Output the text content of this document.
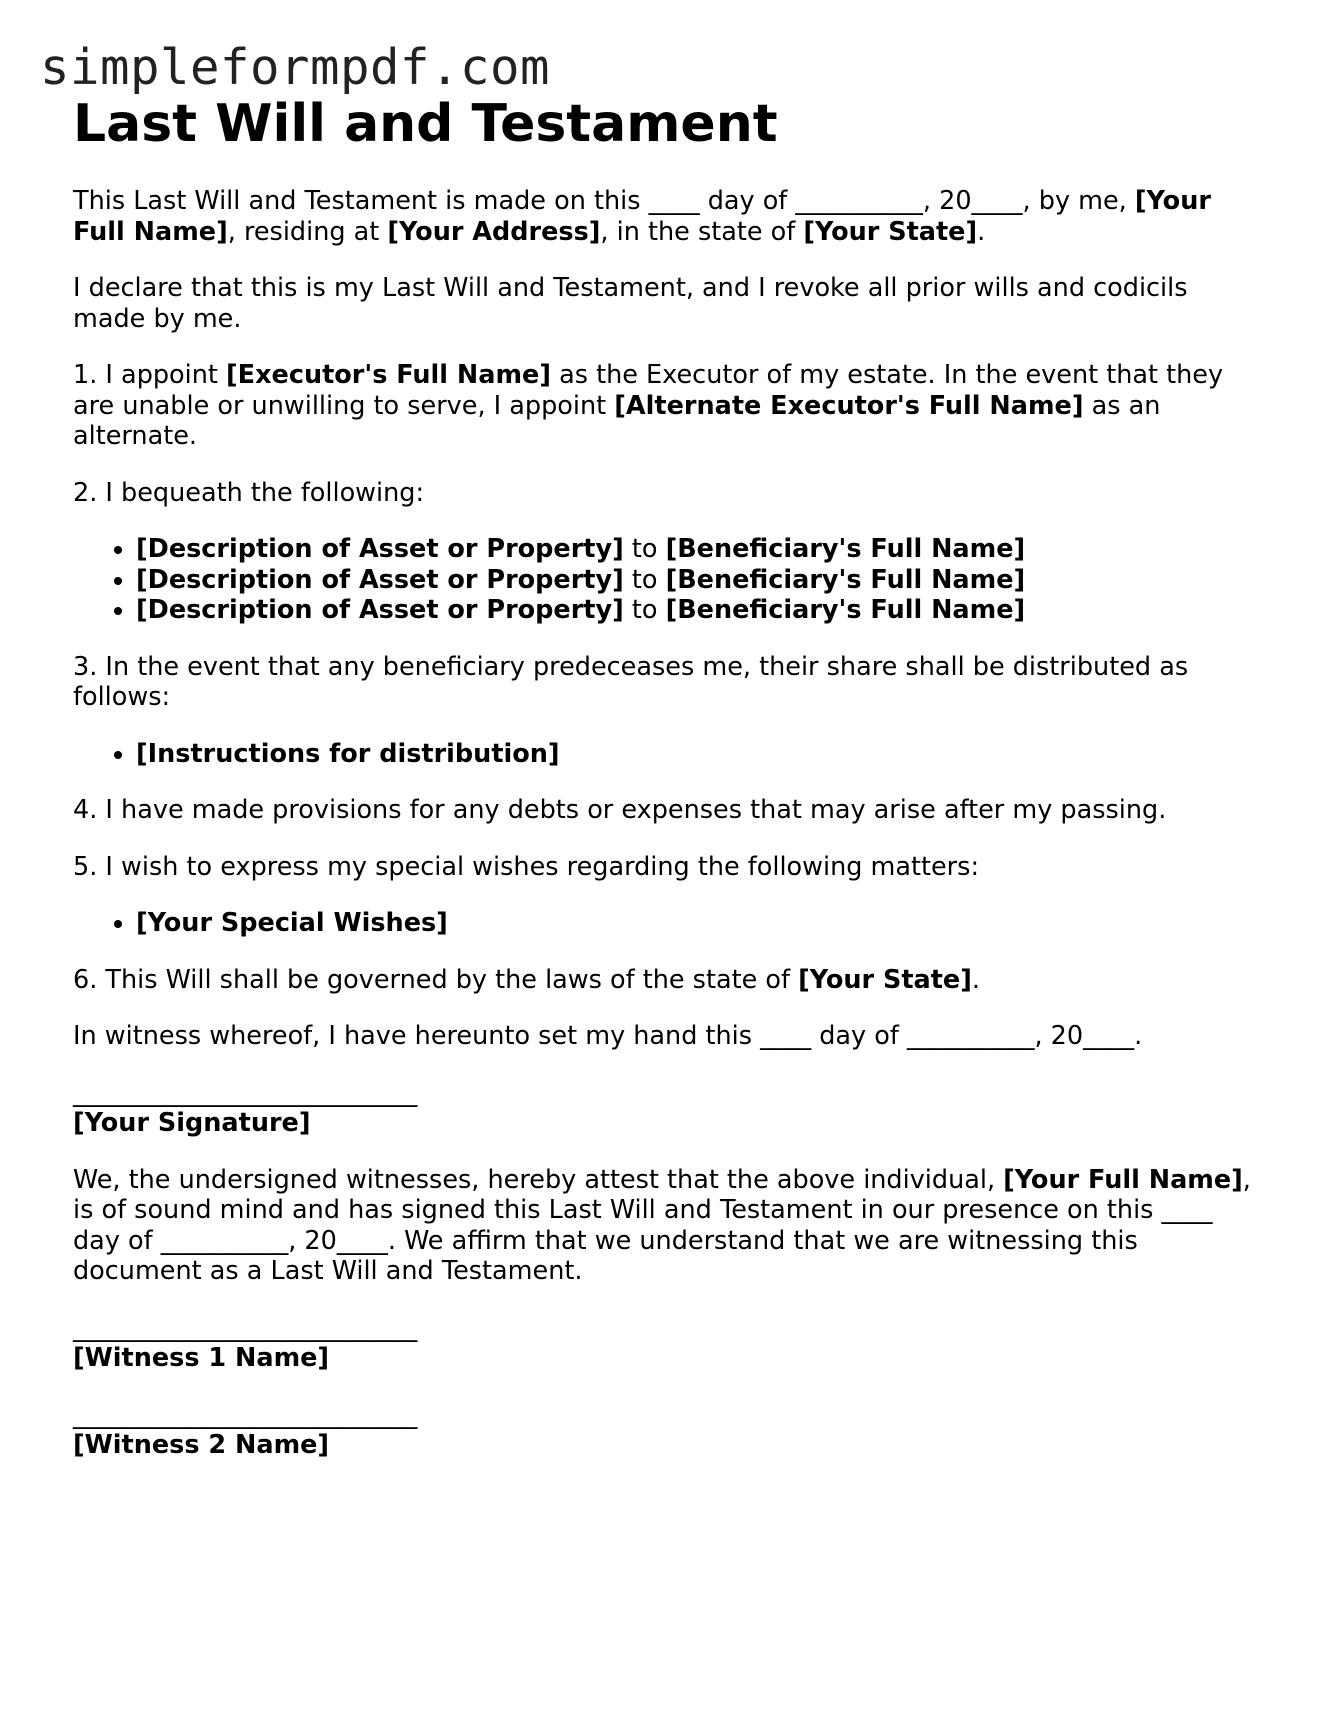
simpleformpdf.com
Last Will and Testament

This Last Will and Testament is made on this ____ day of __________, 20____, by me, [Your Full Name], residing at [Your Address], in the state of [Your State].

I declare that this is my Last Will and Testament, and I revoke all prior wills and codicils made by me.

1. I appoint [Executor's Full Name] as the Executor of my estate. In the event that they are unable or unwilling to serve, I appoint [Alternate Executor's Full Name] as an alternate.

2. I bequeath the following:

• [Description of Asset or Property] to [Beneficiary's Full Name]
• [Description of Asset or Property] to [Beneficiary's Full Name]
• [Description of Asset or Property] to [Beneficiary's Full Name]

3. In the event that any beneficiary predeceases me, their share shall be distributed as follows:

• [Instructions for distribution]

4. I have made provisions for any debts or expenses that may arise after my passing.

5. I wish to express my special wishes regarding the following matters:

• [Your Special Wishes]

6. This Will shall be governed by the laws of the state of [Your State].

In witness whereof, I have hereunto set my hand this ____ day of __________, 20____.

___________________________
[Your Signature]

We, the undersigned witnesses, hereby attest that the above individual, [Your Full Name], is of sound mind and has signed this Last Will and Testament in our presence on this ____ day of __________, 20____. We affirm that we understand that we are witnessing this document as a Last Will and Testament.

___________________________
[Witness 1 Name]

___________________________
[Witness 2 Name]
